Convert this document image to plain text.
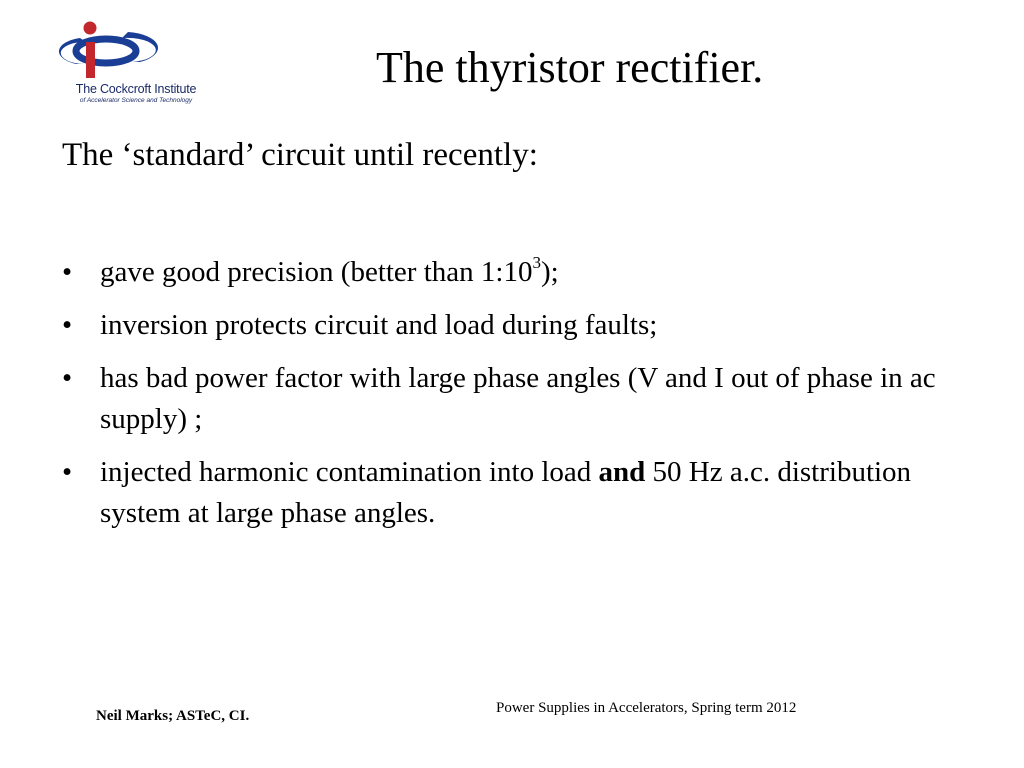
The Cockcroft Institute
of Accelerator Science and Technology
The thyristor rectifier.
The ‘standard’ circuit until recently:
• gave good precision (better than $1:10^3$);
• inversion protects circuit and load during faults;
• has bad power factor with large phase angles (V and I out of phase in ac supply) ;
• injected harmonic contamination into load and 50 Hz a.c. distribution system at large phase angles.
Neil Marks; ASTeC, CI.	Power Supplies in Accelerators, Spring term 2012
